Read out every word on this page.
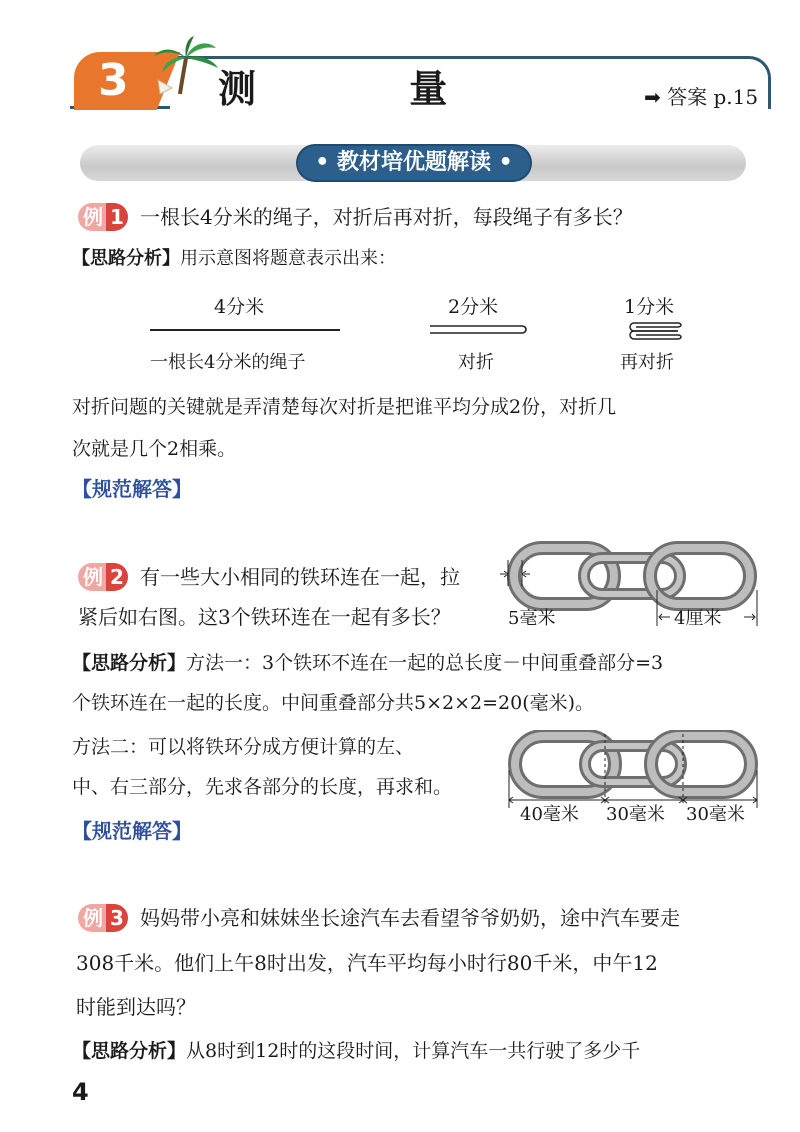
3 测 量	➡ 答案 p.15
• 教材培优题解读 •
例 1 一根长4分米的绳子，对折后再对折，每段绳子有多长？
【思路分析】用示意图将题意表示出来：
4分米
一根长4分米的绳子
2分米
对折
1分米
再对折
对折问题的关键就是弄清楚每次对折是把谁平均分成2份，对折几
次就是几个2相乘。
【规范解答】
例 2 有一些大小相同的铁环连在一起，拉
紧后如右图。这3个铁环连在一起有多长？	5毫米	4厘米
【思路分析】方法一：3个铁环不连在一起的总长度－中间重叠部分=3
个铁环连在一起的长度。中间重叠部分共5×2×2=20(毫米)。
方法二：可以将铁环分成方便计算的左、
中、右三部分，先求各部分的长度，再求和。
40毫米 30毫米 30毫米
【规范解答】
例 3 妈妈带小亮和妹妹坐长途汽车去看望爷爷奶奶，途中汽车要走
308千米。他们上午8时出发，汽车平均每小时行80千米，中午12
时能到达吗？
【思路分析】从8时到12时的这段时间，计算汽车一共行驶了多少千
4
